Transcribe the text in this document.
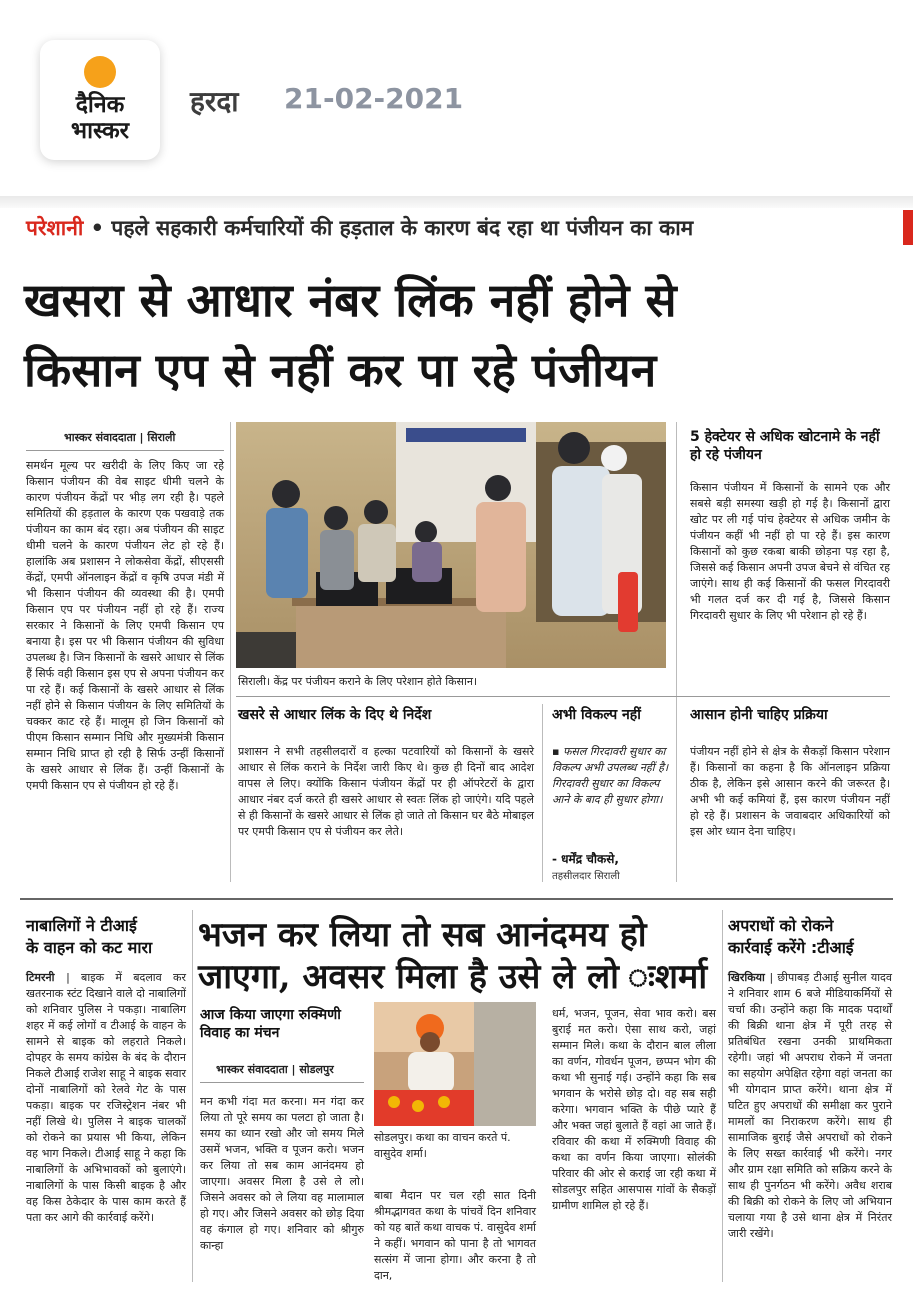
दैनिक
भास्कर
हरदा 21-02-2021
परेशानी • पहले सहकारी कर्मचारियों की हड़ताल के कारण बंद रहा था पंजीयन का काम
खसरा से आधार नंबर लिंक नहीं होने से
किसान एप से नहीं कर पा रहे पंजीयन
भास्कर संवाददाता | सिराली
समर्थन मूल्य पर खरीदी के लिए किए जा रहे किसान पंजीयन की वेब साइट धीमी चलने के कारण पंजीयन केंद्रों पर भीड़ लग रही है। पहले समितियों की हड़ताल के कारण एक पखवाड़े तक पंजीयन का काम बंद रहा। अब पंजीयन की साइट धीमी चलने के कारण पंजीयन लेट हो रहे हैं। हालांकि अब प्रशासन ने लोकसेवा केंद्रों, सीएससी केंद्रों, एमपी ऑनलाइन केंद्रों व कृषि उपज मंडी में भी किसान पंजीयन की व्यवस्था की है। एमपी किसान एप पर पंजीयन नहीं हो रहे हैं। राज्य सरकार ने किसानों के लिए एमपी किसान एप बनाया है। इस पर भी किसान पंजीयन की सुविधा उपलब्ध है। जिन किसानों के खसरे आधार से लिंक हैं सिर्फ वही किसान इस एप से अपना पंजीयन कर पा रहे हैं। कई किसानों के खसरे आधार से लिंक नहीं होने से किसान पंजीयन के लिए समितियों के चक्कर काट रहे हैं। मालूम हो जिन किसानों को पीएम किसान सम्मान निधि और मुख्यमंत्री किसान सम्मान निधि प्राप्त हो रही है सिर्फ उन्हीं किसानों के खसरे आधार से लिंक हैं। उन्हीं किसानों के एमपी किसान एप से पंजीयन हो रहे हैं।
सिराली। केंद्र पर पंजीयन कराने के लिए परेशान होते किसान।
5 हेक्टेयर से अधिक खोटनामे के नहीं हो रहे पंजीयन
किसान पंजीयन में किसानों के सामने एक और सबसे बड़ी समस्या खड़ी हो गई है। किसानों द्वारा खोट पर ली गई पांच हेक्टेयर से अधिक जमीन के पंजीयन कहीं भी नहीं हो पा रहे हैं। इस कारण किसानों को कुछ रकबा बाकी छोड़ना पड़ रहा है, जिससे कई किसान अपनी उपज बेचने से वंचित रह जाएंगे। साथ ही कई किसानों की फसल गिरदावरी भी गलत दर्ज कर दी गई है, जिससे किसान गिरदावरी सुधार के लिए भी परेशान हो रहे हैं।
खसरे से आधार लिंक के दिए थे निर्देश
प्रशासन ने सभी तहसीलदारों व हल्का पटवारियों को किसानों के खसरे आधार से लिंक कराने के निर्देश जारी किए थे। कुछ ही दिनों बाद आदेश वापस ले लिए। क्योंकि किसान पंजीयन केंद्रों पर ही ऑपरेटरों के द्वारा आधार नंबर दर्ज करते ही खसरे आधार से स्वतः लिंक हो जाएंगे। यदि पहले से ही किसानों के खसरे आधार से लिंक हो जाते तो किसान घर बैठे मोबाइल पर एमपी किसान एप से पंजीयन कर लेते।
अभी विकल्प नहीं
▪ फसल गिरदावरी सुधार का विकल्प अभी उपलब्ध नहीं है। गिरदावरी सुधार का विकल्प आने के बाद ही सुधार होगा।
- धर्मेंद्र चौकसे,
तहसीलदार सिराली
आसान होनी चाहिए प्रक्रिया
पंजीयन नहीं होने से क्षेत्र के सैकड़ों किसान परेशान हैं। किसानों का कहना है कि ऑनलाइन प्रक्रिया ठीक है, लेकिन इसे आसान करने की जरूरत है। अभी भी कई कमियां हैं, इस कारण पंजीयन नहीं हो रहे हैं। प्रशासन के जवाबदार अधिकारियों को इस ओर ध्यान देना चाहिए।
नाबालिगों ने टीआई
के वाहन को कट मारा
टिमरनी | बाइक में बदलाव कर खतरनाक स्टंट दिखाने वाले दो नाबालिगों को शनिवार पुलिस ने पकड़ा। नाबालिग शहर में कई लोगों व टीआई के वाहन के सामने से बाइक को लहराते निकले। दोपहर के समय कांग्रेस के बंद के दौरान निकले टीआई राजेश साहू ने बाइक सवार दोनों नाबालिगों को रेलवे गेट के पास पकड़ा। बाइक पर रजिस्ट्रेशन नंबर भी नहीं लिखे थे। पुलिस ने बाइक चालकों को रोकने का प्रयास भी किया, लेकिन वह भाग निकले। टीआई साहू ने कहा कि नाबालिगों के अभिभावकों को बुलाएंगे। नाबालिगों के पास किसी बाइक है और वह किस ठेकेदार के पास काम करते हैं पता कर आगे की कार्रवाई करेंगे।
भजन कर लिया तो सब आनंदमय हो
जाएगा, अवसर मिला है उसे ले लो ःशर्मा
आज किया जाएगा रुक्मिणी विवाह का मंचन
भास्कर संवाददाता | सोडलपुर
मन कभी गंदा मत करना। मन गंदा कर लिया तो पूरे समय का पलटा हो जाता है। समय का ध्यान रखो और जो समय मिले उसमें भजन, भक्ति व पूजन करो। भजन कर लिया तो सब काम आनंदमय हो जाएगा। अवसर मिला है उसे ले लो। जिसने अवसर को ले लिया वह मालामाल हो गए। और जिसने अवसर को छोड़ दिया वह कंगाल हो गए। शनिवार को श्रीगुरु कान्हा
सोडलपुर। कथा का वाचन करते पं. वासुदेव शर्मा।
बाबा मैदान पर चल रही सात दिनी श्रीमद्भागवत कथा के पांचवें दिन शनिवार को यह बातें कथा वाचक पं. वासुदेव शर्मा ने कहीं। भगवान को पाना है तो भागवत सत्संग में जाना होगा। और करना है तो दान,
धर्म, भजन, पूजन, सेवा भाव करो। बस बुराई मत करो। ऐसा साथ करो, जहां सम्मान मिले। कथा के दौरान बाल लीला का वर्णन, गोवर्धन पूजन, छप्पन भोग की कथा भी सुनाई गई। उन्होंने कहा कि सब भगवान के भरोसे छोड़ दो। वह सब सही करेगा। भगवान भक्ति के पीछे प्यारे हैं और भक्त जहां बुलाते हैं वहां आ जाते हैं। रविवार की कथा में रुक्मिणी विवाह की कथा का वर्णन किया जाएगा। सोलंकी परिवार की ओर से कराई जा रही कथा में सोडलपुर सहित आसपास गांवों के सैकड़ों ग्रामीण शामिल हो रहे हैं।
अपराधों को रोकने
कार्रवाई करेंगे :टीआई
खिरकिया | छीपाबड़ टीआई सुनील यादव ने शनिवार शाम 6 बजे मीडियाकर्मियों से चर्चा की। उन्होंने कहा कि मादक पदार्थों की बिक्री थाना क्षेत्र में पूरी तरह से प्रतिबंधित रखना उनकी प्राथमिकता रहेगी। जहां भी अपराध रोकने में जनता का सहयोग अपेक्षित रहेगा वहां जनता का भी योगदान प्राप्त करेंगे। थाना क्षेत्र में घटित हुए अपराधों की समीक्षा कर पुराने मामलों का निराकरण करेंगे। साथ ही सामाजिक बुराई जैसे अपराधों को रोकने के लिए सख्त कार्रवाई भी करेंगे। नगर और ग्राम रक्षा समिति को सक्रिय करने के साथ ही पुनर्गठन भी करेंगे। अवैध शराब की बिक्री को रोकने के लिए जो अभियान चलाया गया है उसे थाना क्षेत्र में निरंतर जारी रखेंगे।
